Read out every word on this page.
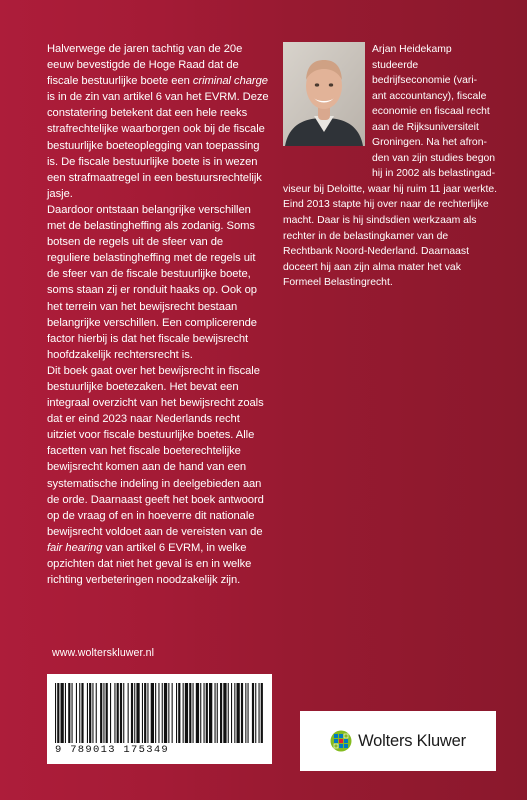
Halverwege de jaren tachtig van de 20e eeuw bevestigde de Hoge Raad dat de fiscale bestuurlijke boete een criminal charge is in de zin van artikel 6 van het EVRM. Deze constatering betekent dat een hele reeks strafrechtelijke waarborgen ook bij de fiscale bestuurlijke boeteoplegging van toepassing is. De fiscale bestuurlijke boete is in wezen een strafmaatregel in een bestuursrechtelijk jasje.

Daardoor ontstaan belangrijke verschillen met de belastingheffing als zodanig. Soms botsen de regels uit de sfeer van de reguliere belastingheffing met de regels uit de sfeer van de fiscale bestuurlijke boete, soms staan zij er ronduit haaks op. Ook op het terrein van het bewijsrecht bestaan belangrijke verschillen. Een complicerende factor hierbij is dat het fiscale bewijsrecht hoofdzakelijk rechtersrecht is.

Dit boek gaat over het bewijsrecht in fiscale bestuurlijke boetezaken. Het bevat een integraal overzicht van het bewijsrecht zoals dat er eind 2023 naar Nederlands recht uitziet voor fiscale bestuurlijke boetes. Alle facetten van het fiscale boeterechtelijke bewijsrecht komen aan de hand van een systematische indeling in deelgebieden aan de orde. Daarnaast geeft het boek antwoord op de vraag of en in hoeverre dit nationale bewijsrecht voldoet aan de vereisten van de fair hearing van artikel 6 EVRM, in welke opzichten dat niet het geval is en in welke richting verbeteringen noodzakelijk zijn.

Arjan Heidekamp studeerde bedrijfseconomie (vari-
ant accountancy), fiscale
economie en fiscaal recht
aan de Rijksuniversiteit
Groningen. Na het afron-
den van zijn studies begon
hij in 2002 als belastingad-
viseur bij Deloitte, waar hij ruim 11 jaar werkte. Eind 2013 stapte hij over naar de rechterlijke macht. Daar is hij sindsdien werkzaam als rechter in de belastingkamer van de Rechtbank Noord-Nederland. Daarnaast doceert hij aan zijn alma mater het vak Formeel Belastingrecht.
www.wolterskluwer.nl
9 789013 175349
Wolters Kluwer
